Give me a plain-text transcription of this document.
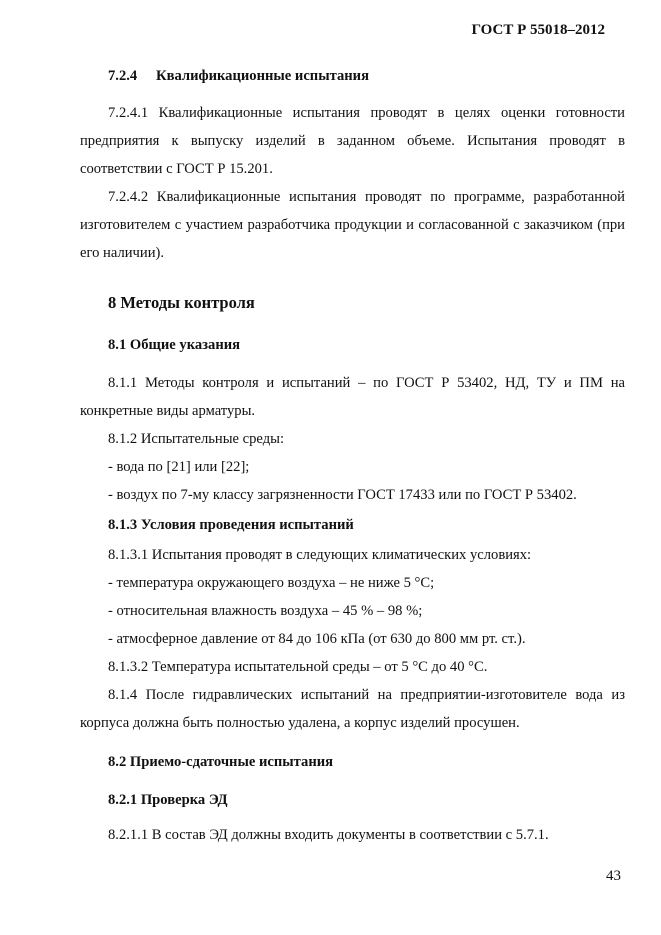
ГОСТ Р 55018–2012

7.2.4 Квалификационные испытания

7.2.4.1 Квалификационные испытания проводят в целях оценки готовности предприятия к выпуску изделий в заданном объеме. Испытания проводят в соответствии с ГОСТ Р 15.201.

7.2.4.2 Квалификационные испытания проводят по программе, разработанной изготовителем с участием разработчика продукции и согласованной с заказчиком (при его наличии).

8 Методы контроля

8.1 Общие указания

8.1.1 Методы контроля и испытаний – по ГОСТ Р 53402, НД, ТУ и ПМ на конкретные виды арматуры.

8.1.2 Испытательные среды:

- вода по [21] или [22];

- воздух по 7-му классу загрязненности ГОСТ 17433 или по ГОСТ Р 53402.

8.1.3 Условия проведения испытаний

8.1.3.1 Испытания проводят в следующих климатических условиях:

- температура окружающего воздуха – не ниже 5 °С;

- относительная влажность воздуха – 45 % – 98 %;

- атмосферное давление от 84 до 106 кПа (от 630 до 800 мм рт. ст.).

8.1.3.2 Температура испытательной среды – от 5 °С до 40 °С.

8.1.4 После гидравлических испытаний на предприятии-изготовителе вода из корпуса должна быть полностью удалена, а корпус изделий просушен.

8.2 Приемо-сдаточные испытания

8.2.1 Проверка ЭД

8.2.1.1 В состав ЭД должны входить документы в соответствии с 5.7.1.

43
